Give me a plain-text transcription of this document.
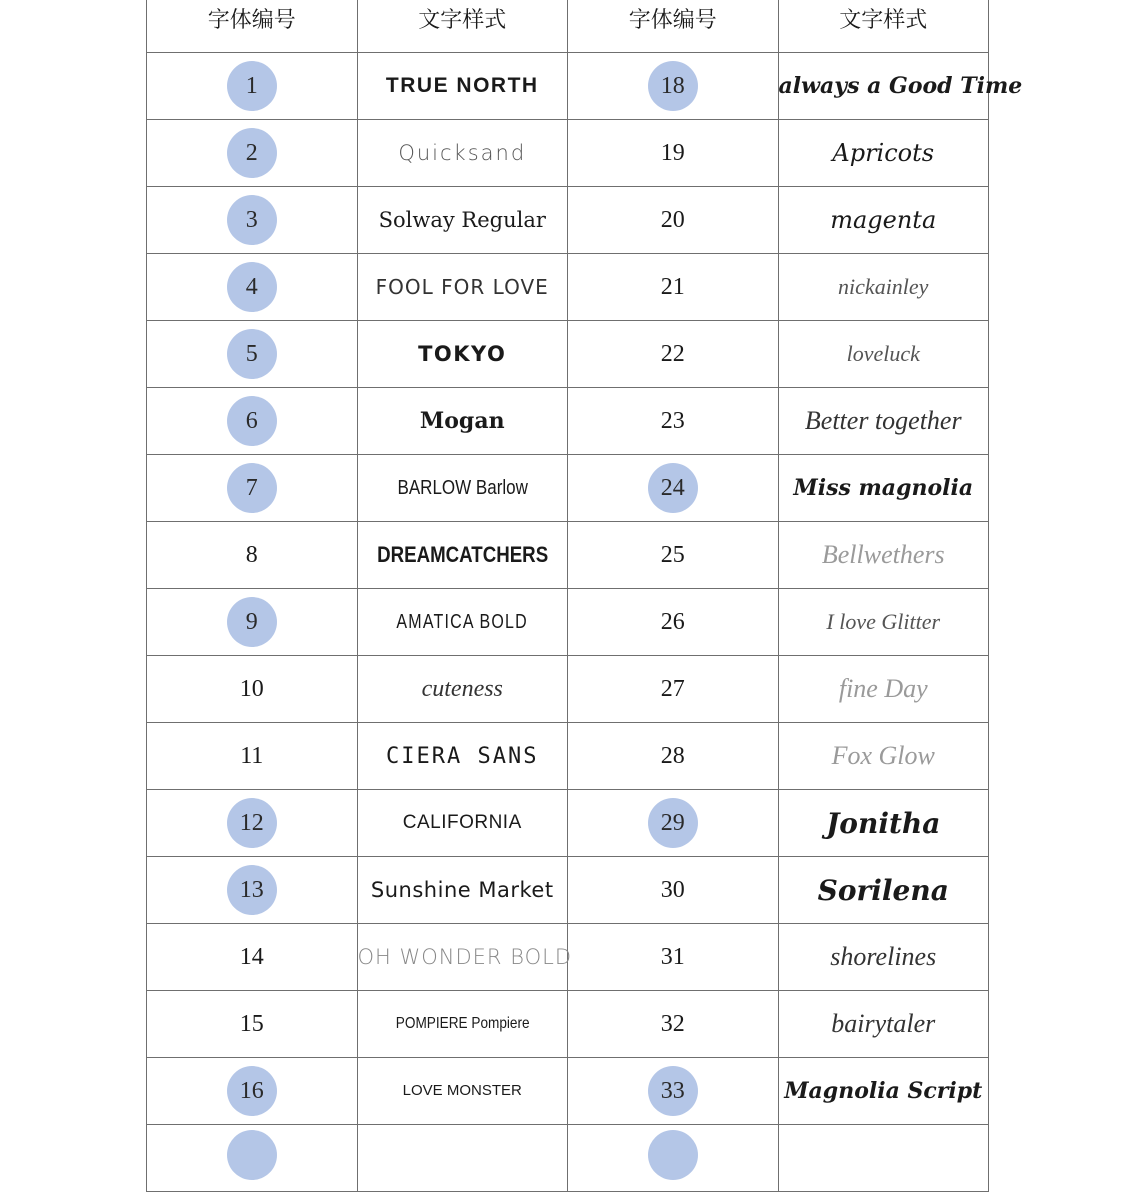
字体编号	文字样式	字体编号	文字样式
1	TRUE NORTH	18	always a Good Time
2	Quicksand	19	Apricots
3	Solway Regular	20	magenta
4	FOOL FOR LOVE	21	nickainley
5	TOKYO	22	loveluck
6	Mogan	23	Better together
7	BARLOW Barlow	24	Miss magnolia
8	DREAMCATCHERS	25	Bellwethers
9	AMATICA BOLD	26	I love Glitter
10	cuteness	27	fine Day
11	CIERA SANS	28	Fox Glow
12	CALIFORNIA	29	Jonitha
13	Sunshine Market	30	Sorilena
14	OH WONDER BOLD	31	shorelines
15	POMPIERE Pompiere	32	bairytaler
16	LOVE MONSTER	33	Magnolia Script
